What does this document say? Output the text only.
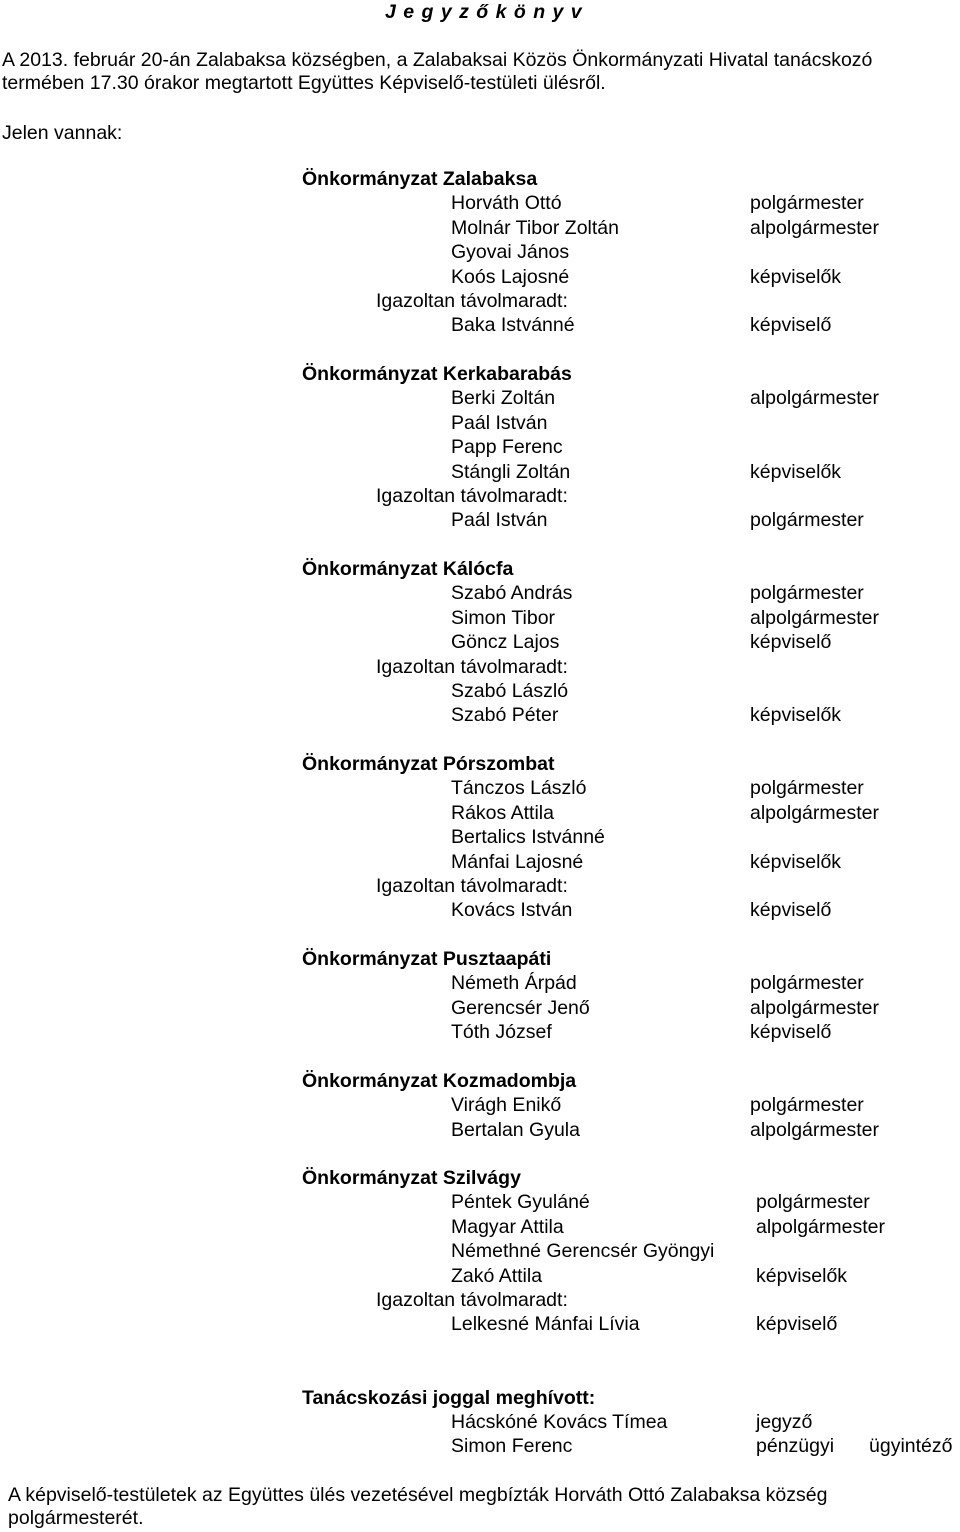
J e g y z ő k ö n y v
A 2013. február 20-án Zalabaksa községben, a Zalabaksai Közös Önkormányzati Hivatal tanácskozó termében 17.30 órakor megtartott Együttes Képviselő-testületi ülésről.
Jelen vannak:
Önkormányzat Zalabaksa
Horváth Ottó	polgármester
Molnár Tibor Zoltán	alpolgármester
Gyovai János
Koós Lajosné	képviselők
Igazoltan távolmaradt:
Baka Istvánné	képviselő
Önkormányzat Kerkabarabás
Berki Zoltán	alpolgármester
Paál István
Papp Ferenc
Stángli Zoltán	képviselők
Igazoltan távolmaradt:
Paál István	polgármester
Önkormányzat Kálócfa
Szabó András	polgármester
Simon Tibor	alpolgármester
Göncz Lajos	képviselő
Igazoltan távolmaradt:
Szabó László
Szabó Péter	képviselők
Önkormányzat Pórszombat
Tánczos László	polgármester
Rákos Attila	alpolgármester
Bertalics Istvánné
Mánfai Lajosné	képviselők
Igazoltan távolmaradt:
Kovács István	képviselő
Önkormányzat Pusztaapáti
Németh Árpád	polgármester
Gerencsér Jenő	alpolgármester
Tóth József	képviselő
Önkormányzat Kozmadombja
Virágh Enikő	polgármester
Bertalan Gyula	alpolgármester
Önkormányzat Szilvágy
Péntek Gyuláné	polgármester
Magyar Attila	alpolgármester
Némethné Gerencsér Gyöngyi
Zakó Attila	képviselők
Igazoltan távolmaradt:
Lelkesné Mánfai Lívia	képviselő
Tanácskozási joggal meghívott:
Hácskóné Kovács Tímea	jegyző
Simon Ferenc	pénzügyi ügyintéző
A képviselő-testületek az Együttes ülés vezetésével megbízták Horváth Ottó Zalabaksa község polgármesterét.
